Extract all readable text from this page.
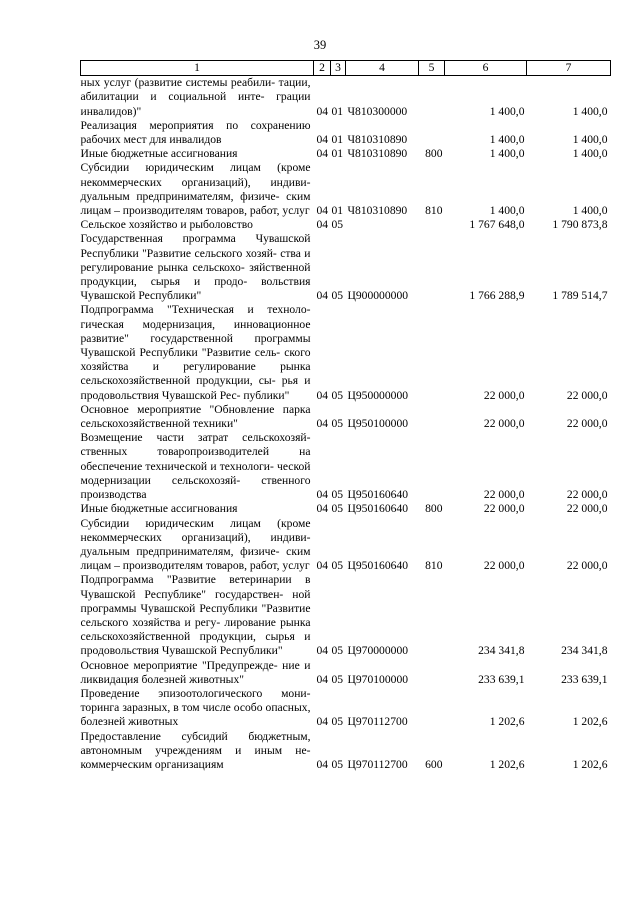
39
1	2	3	4	5	6	7
ных услуг (развитие системы реабили- тации, абилитации и социальной инте- грации инвалидов)"	04	01	Ч810300000		1 400,0	1 400,0
Реализация мероприятия по сохранению рабочих мест для инвалидов	04	01	Ч810310890		1 400,0	1 400,0
Иные бюджетные ассигнования	04	01	Ч810310890	800	1 400,0	1 400,0
Субсидии юридическим лицам (кроме некоммерческих организаций), индиви- дуальным предпринимателям, физиче- ским лицам – производителям товаров, работ, услуг	04	01	Ч810310890	810	1 400,0	1 400,0
Сельское хозяйство и рыболовство	04	05			1 767 648,0	1 790 873,8
Государственная программа Чувашской Республики "Развитие сельского хозяй- ства и регулирование рынка сельскохо- зяйственной продукции, сырья и продо- вольствия Чувашской Республики"	04	05	Ц900000000		1 766 288,9	1 789 514,7
Подпрограмма "Техническая и техноло- гическая модернизация, инновационное развитие" государственной программы Чувашской Республики "Развитие сель- ского хозяйства и регулирование рынка сельскохозяйственной продукции, сы- рья и продовольствия Чувашской Рес- публики"	04	05	Ц950000000		22 000,0	22 000,0
Основное мероприятие "Обновление парка сельскохозяйственной техники"	04	05	Ц950100000		22 000,0	22 000,0
Возмещение части затрат сельскохозяй- ственных товаропроизводителей на обеспечение технической и технологи- ческой модернизации сельскохозяй- ственного производства	04	05	Ц950160640		22 000,0	22 000,0
Иные бюджетные ассигнования	04	05	Ц950160640	800	22 000,0	22 000,0
Субсидии юридическим лицам (кроме некоммерческих организаций), индиви- дуальным предпринимателям, физиче- ским лицам – производителям товаров, работ, услуг	04	05	Ц950160640	810	22 000,0	22 000,0
Подпрограмма "Развитие ветеринарии в Чувашской Республике" государствен- ной программы Чувашской Республики "Развитие сельского хозяйства и регу- лирование рынка сельскохозяйственной продукции, сырья и продовольствия Чувашской Республики"	04	05	Ц970000000		234 341,8	234 341,8
Основное мероприятие "Предупрежде- ние и ликвидация болезней животных"	04	05	Ц970100000		233 639,1	233 639,1
Проведение эпизоотологического мони- торинга заразных, в том числе особо опасных, болезней животных	04	05	Ц970112700		1 202,6	1 202,6
Предоставление субсидий бюджетным, автономным учреждениям и иным не- коммерческим организациям	04	05	Ц970112700	600	1 202,6	1 202,6
